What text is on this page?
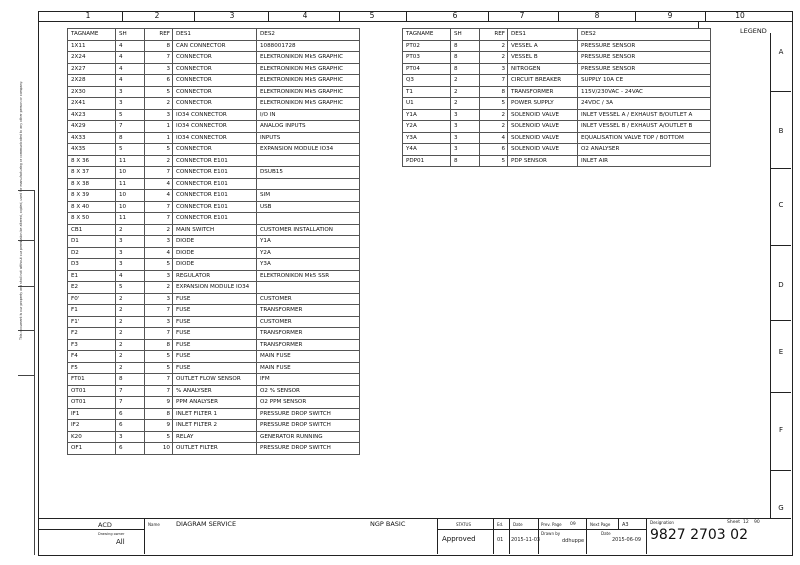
1	2	3	4	5	6	7	8	9	10
LEGEND
A
B
C
D
E
F
G
This document is our property and shall not without our permission be altered, copied, used for manufacturing or communicated to any other person or company.
TAGNAME	SH	REF	DES1	DES2
1X11	4	8	CAN CONNECTOR	1088001728
2X24	4	7	CONNECTOR	ELEKTRONIKON Mk5 GRAPHIC
2X27	4	3	CONNECTOR	ELEKTRONIKON Mk5 GRAPHIC
2X28	4	6	CONNECTOR	ELEKTRONIKON Mk5 GRAPHIC
2X30	3	5	CONNECTOR	ELEKTRONIKON Mk5 GRAPHIC
2X41	3	2	CONNECTOR	ELEKTRONIKON Mk5 GRAPHIC
4X23	5	3	IO34 CONNECTOR	I/O IN
4X29	7	1	IO34 CONNECTOR	ANALOG INPUTS
4X33	8	1	IO34 CONNECTOR	INPUTS
4X35	5	5	CONNECTOR	EXPANSION MODULE IO34
8 X 36	11	2	CONNECTOR E101	
8 X 37	10	7	CONNECTOR E101	DSUB15
8 X 38	11	4	CONNECTOR E101	
8 X 39	10	4	CONNECTOR E101	SIM
8 X 40	10	7	CONNECTOR E101	USB
8 X 50	11	7	CONNECTOR E101	
CB1	2	2	MAIN SWITCH	CUSTOMER INSTALLATION
D1	3	3	DIODE	Y1A
D2	3	4	DIODE	Y2A
D3	3	5	DIODE	Y3A
E1	4	3	REGULATOR	ELEKTRONIKON Mk5 SSR
E2	5	2	EXPANSION MODULE IO34	
F0'	2	3	FUSE	CUSTOMER
F1	2	7	FUSE	TRANSFORMER
F1'	2	3	FUSE	CUSTOMER
F2	2	7	FUSE	TRANSFORMER
F3	2	8	FUSE	TRANSFORMER
F4	2	5	FUSE	MAIN FUSE
F5	2	5	FUSE	MAIN FUSE
FT01	8	7	OUTLET FLOW SENSOR	IFM
OT01	7	7	% ANALYSER	O2 % SENSOR
OT01	7	9	PPM ANALYSER	O2 PPM SENSOR
IF1	6	8	INLET FILTER 1	PRESSURE DROP SWITCH
IF2	6	9	INLET FILTER 2	PRESSURE DROP SWITCH
K20	3	5	RELAY	GENERATOR RUNNING
OF1	6	10	OUTLET FILTER	PRESSURE DROP SWITCH
TAGNAME	SH	REF	DES1	DES2
PT02	8	2	VESSEL A	PRESSURE SENSOR
PT03	8	2	VESSEL B	PRESSURE SENSOR
PT04	8	3	NITROGEN	PRESSURE SENSOR
Q3	2	7	CIRCUIT BREAKER	SUPPLY 10A CE
T1	2	8	TRANSFORMER	115V/230VAC - 24VAC
U1	2	5	POWER SUPPLY	24VDC / 3A
Y1A	3	2	SOLENOID VALVE	INLET VESSEL A / EXHAUST B/OUTLET A
Y2A	3	2	SOLENOID VALVE	INLET VESSEL B / EXHAUST A/OUTLET B
Y3A	3	4	SOLENOID VALVE	EQUALISATION VALVE TOP / BOTTOM
Y4A	3	6	SOLENOID VALVE	O2 ANALYSER
PDP01	8	5	PDP SENSOR	INLET AIR
ACD
Drawing owner
All
Name DIAGRAM SERVICE	NGP BASIC	STATUS
Approved
Ed.
01
Date
2015-11-03
Prev. Page 09
Drawn by
ddhuppe
Next Page A3
Date
2015-06-09
Designation
9827 2703 02
Sheet 12 90
